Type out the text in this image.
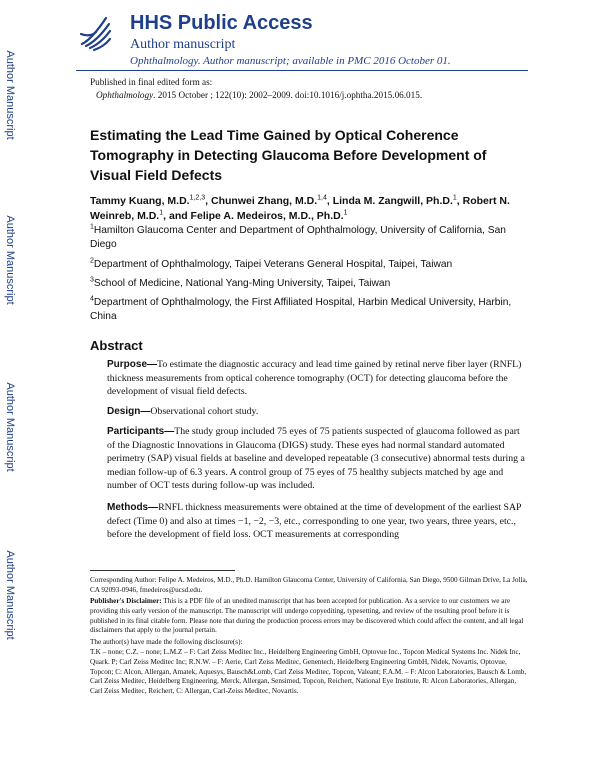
Author Manuscript
Author Manuscript
Author Manuscript
Author Manuscript
HHS Public Access
Author manuscript
Ophthalmology. Author manuscript; available in PMC 2016 October 01.
Published in final edited form as:
Ophthalmology. 2015 October ; 122(10): 2002–2009. doi:10.1016/j.ophtha.2015.06.015.
Estimating the Lead Time Gained by Optical Coherence Tomography in Detecting Glaucoma Before Development of Visual Field Defects
Tammy Kuang, M.D.$^{1,2,3}$, Chunwei Zhang, M.D.$^{1,4}$, Linda M. Zangwill, Ph.D.$^1$, Robert N. Weinreb, M.D.$^1$, and Felipe A. Medeiros, M.D., Ph.D.$^1$
$^1$Hamilton Glaucoma Center and Department of Ophthalmology, University of California, San Diego
$^2$Department of Ophthalmology, Taipei Veterans General Hospital, Taipei, Taiwan
$^3$School of Medicine, National Yang-Ming University, Taipei, Taiwan
$^4$Department of Ophthalmology, the First Affiliated Hospital, Harbin Medical University, Harbin, China
Abstract
Purpose—To estimate the diagnostic accuracy and lead time gained by retinal nerve fiber layer (RNFL) thickness measurements from optical coherence tomography (OCT) for detecting glaucoma before the development of visual field defects.
Design—Observational cohort study.
Participants—The study group included 75 eyes of 75 patients suspected of glaucoma followed as part of the Diagnostic Innovations in Glaucoma (DIGS) study. These eyes had normal standard automated perimetry (SAP) visual fields at baseline and developed repeatable (3 consecutive) abnormal tests during a median follow-up of 6.3 years. A control group of 75 eyes of 75 healthy subjects matched by age and number of OCT tests during follow-up was included.
Methods—RNFL thickness measurements were obtained at the time of development of the earliest SAP defect (Time 0) and also at times −1, −2, −3, etc., corresponding to one year, two years, three years, etc., before the development of field loss. OCT measurements at corresponding
Corresponding Author: Felipe A. Medeiros, M.D., Ph.D. Hamilton Glaucoma Center, University of California, San Diego, 9500 Gilman Drive, La Jolla, CA 92093-0946, fmedeiros@ucsd.edu.
Publisher's Disclaimer: This is a PDF file of an unedited manuscript that has been accepted for publication. As a service to our customers we are providing this early version of the manuscript. The manuscript will undergo copyediting, typesetting, and review of the resulting proof before it is published in its final citable form. Please note that during the production process errors may be discovered which could affect the content, and all legal disclaimers that apply to the journal pertain.
The author(s) have made the following disclosure(s):
T.K – none; C.Z. – none; L.M.Z – F: Carl Zeiss Meditec Inc., Heidelberg Engineering GmbH, Optovue Inc., Topcon Medical Systems Inc. Nidek Inc, Quark. P; Carl Zeiss Meditec Inc; R.N.W. – F: Aerie, Carl Zeiss Meditec, Genentech, Heidelberg Engineering GmbH, Nidek, Novartis, Optovue, Topcon; C: Alcon, Allergan, Amatek, Aquesys, Bausch&Lomb, Carl Zeiss Meditec, Topcon, Valeant; F.A.M. – F: Alcon Laboratories, Bausch & Lomb, Carl Zeiss Meditec, Heidelberg Engineering, Merck, Allergan, Sensimed, Topcon, Reichert, National Eye Institute, R: Alcon Laboratories, Allergan, Carl Zeiss Meditec, Reichert, C: Allergan, Carl-Zeiss Meditec, Novartis.
